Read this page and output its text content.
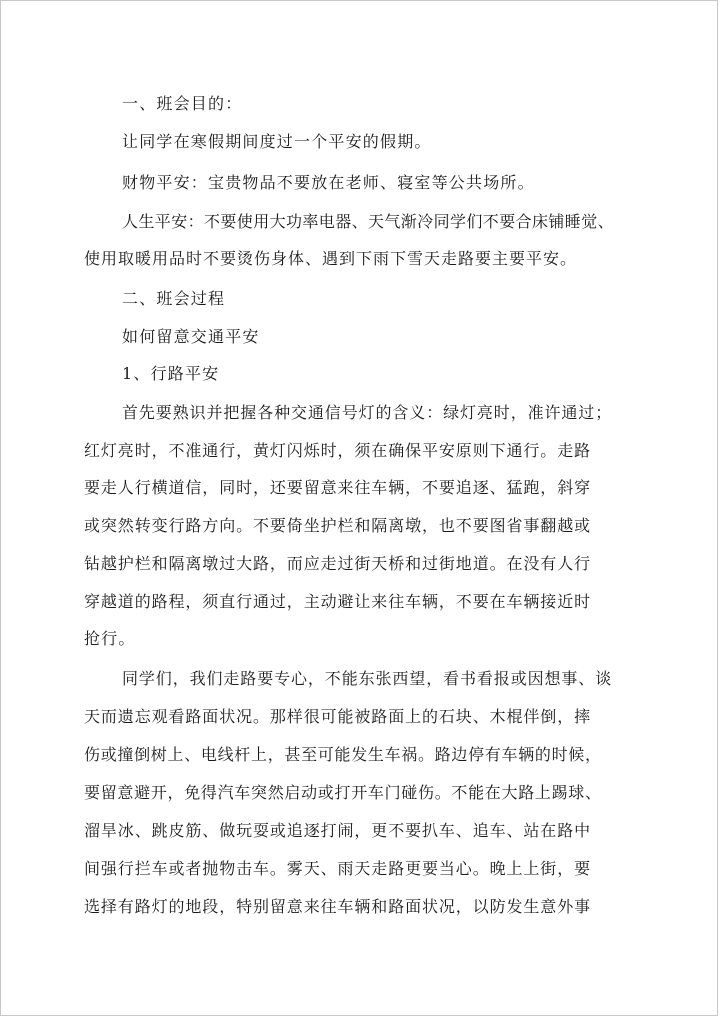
一、班会目的：
让同学在寒假期间度过一个平安的假期。
财物平安：宝贵物品不要放在老师、寝室等公共场所。
人生平安：不要使用大功率电器、天气渐冷同学们不要合床铺睡觉、
使用取暖用品时不要烫伤身体、遇到下雨下雪天走路要主要平安。
二、班会过程
如何留意交通平安
1、行路平安
首先要熟识并把握各种交通信号灯的含义：绿灯亮时，准许通过；
红灯亮时，不准通行，黄灯闪烁时，须在确保平安原则下通行。走路
要走人行横道信，同时，还要留意来往车辆，不要追逐、猛跑，斜穿
或突然转变行路方向。不要倚坐护栏和隔离墩，也不要图省事翻越或
钻越护栏和隔离墩过大路，而应走过街天桥和过街地道。在没有人行
穿越道的路程，须直行通过，主动避让来往车辆，不要在车辆接近时
抢行。
同学们，我们走路要专心，不能东张西望，看书看报或因想事、谈
天而遗忘观看路面状况。那样很可能被路面上的石块、木棍伴倒，摔
伤或撞倒树上、电线杆上，甚至可能发生车祸。路边停有车辆的时候，
要留意避开，免得汽车突然启动或打开车门碰伤。不能在大路上踢球、
溜旱冰、跳皮筋、做玩耍或追逐打闹，更不要扒车、追车、站在路中
间强行拦车或者抛物击车。雾天、雨天走路更要当心。晚上上街，要
选择有路灯的地段，特别留意来往车辆和路面状况，以防发生意外事
